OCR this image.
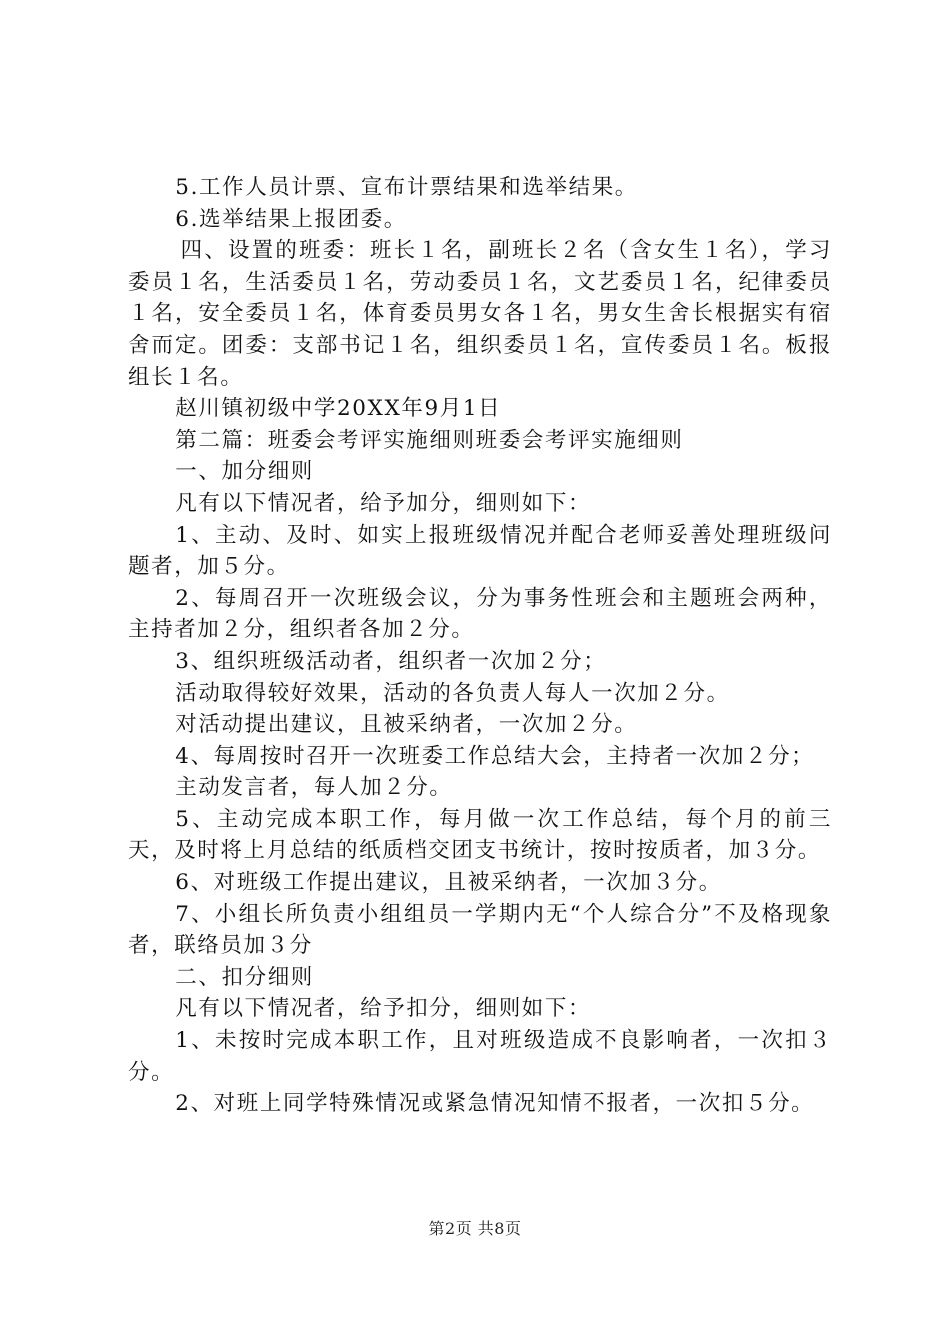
5.工作人员计票、宣布计票结果和选举结果。

6.选举结果上报团委。

四、设置的班委：班长１名，副班长２名（含女生１名），学习委员１名，生活委员１名，劳动委员１名，文艺委员１名，纪律委员１名，安全委员１名，体育委员男女各１名，男女生舍长根据实有宿舍而定。团委：支部书记１名，组织委员１名，宣传委员１名。板报组长１名。

赵川镇初级中学20XX年9月1日

第二篇：班委会考评实施细则班委会考评实施细则

一、加分细则

凡有以下情况者，给予加分，细则如下：

1、主动、及时、如实上报班级情况并配合老师妥善处理班级问题者，加５分。

2、每周召开一次班级会议，分为事务性班会和主题班会两种，主持者加２分，组织者各加２分。

3、组织班级活动者，组织者一次加２分；

活动取得较好效果，活动的各负责人每人一次加２分。

对活动提出建议，且被采纳者，一次加２分。

4、每周按时召开一次班委工作总结大会，主持者一次加２分；

主动发言者，每人加２分。

5、主动完成本职工作，每月做一次工作总结，每个月的前三天，及时将上月总结的纸质档交团支书统计，按时按质者，加３分。

6、对班级工作提出建议，且被采纳者，一次加３分。

7、小组长所负责小组组员一学期内无“个人综合分”不及格现象者，联络员加３分

二、扣分细则

凡有以下情况者，给予扣分，细则如下：

1、未按时完成本职工作，且对班级造成不良影响者，一次扣３分。

2、对班上同学特殊情况或紧急情况知情不报者，一次扣５分。

第2页 共8页
